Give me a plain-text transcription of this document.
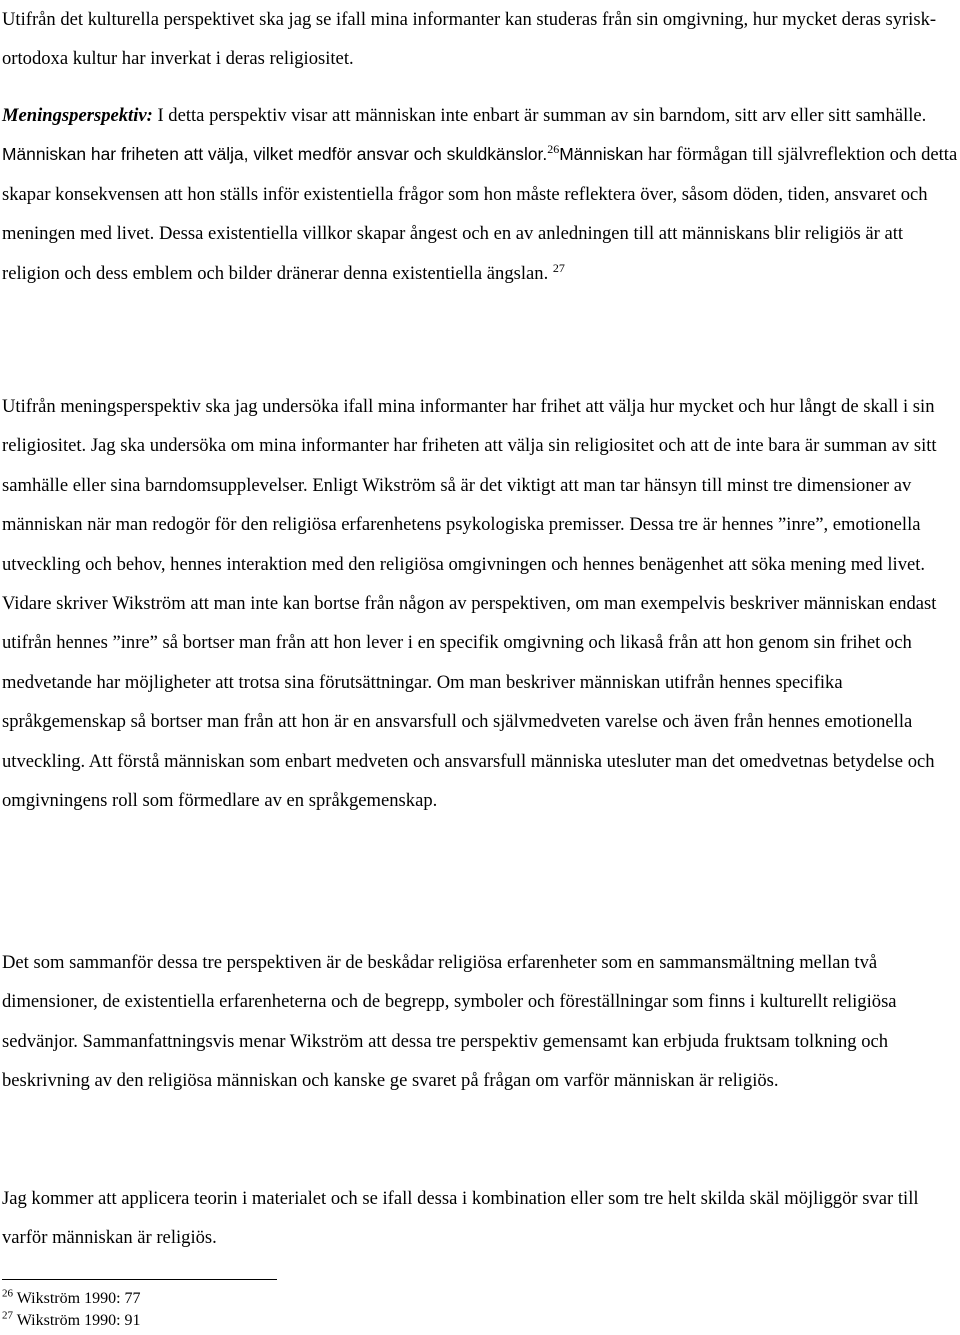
Utifrån det kulturella perspektivet ska jag se ifall mina informanter kan studeras från sin omgivning, hur mycket deras syrisk- ortodoxa kultur har inverkat i deras religiositet.

Meningsperspektiv: I detta perspektiv visar att människan inte enbart är summan av sin barndom, sitt arv eller sitt samhälle. Människan har friheten att välja, vilket medför ansvar och skuldkänslor.$^{26}$Människan har förmågan till självreflektion och detta skapar konsekvensen att hon ställs inför existentiella frågor som hon måste reflektera över, såsom döden, tiden, ansvaret och meningen med livet. Dessa existentiella villkor skapar ångest och en av anledningen till att människans blir religiös är att religion och dess emblem och bilder dränerar denna existentiella ängslan. $^{27}$

Utifrån meningsperspektiv ska jag undersöka ifall mina informanter har frihet att välja hur mycket och hur långt de skall i sin religiositet. Jag ska undersöka om mina informanter har friheten att välja sin religiositet och att de inte bara är summan av sitt samhälle eller sina barndomsupplevelser. Enligt Wikström så är det viktigt att man tar hänsyn till minst tre dimensioner av människan när man redogör för den religiösa erfarenhetens psykologiska premisser. Dessa tre är hennes ”inre”, emotionella utveckling och behov, hennes interaktion med den religiösa omgivningen och hennes benägenhet att söka mening med livet. Vidare skriver Wikström att man inte kan bortse från någon av perspektiven, om man exempelvis beskriver människan endast utifrån hennes ”inre” så bortser man från att hon lever i en specifik omgivning och likaså från att hon genom sin frihet och medvetande har möjligheter att trotsa sina förutsättningar. Om man beskriver människan utifrån hennes specifika språkgemenskap så bortser man från att hon är en ansvarsfull och självmedveten varelse och även från hennes emotionella utveckling. Att förstå människan som enbart medveten och ansvarsfull människa utesluter man det omedvetnas betydelse och omgivningens roll som förmedlare av en språkgemenskap.

Det som sammanför dessa tre perspektiven är de beskådar religiösa erfarenheter som en sammansmältning mellan två dimensioner, de existentiella erfarenheterna och de begrepp, symboler och föreställningar som finns i kulturellt religiösa sedvänjor. Sammanfattningsvis menar Wikström att dessa tre perspektiv gemensamt kan erbjuda fruktsam tolkning och beskrivning av den religiösa människan och kanske ge svaret på frågan om varför människan är religiös.

Jag kommer att applicera teorin i materialet och se ifall dessa i kombination eller som tre helt skilda skäl möjliggör svar till varför människan är religiös.

$^{26}$ Wikström 1990: 77
$^{27}$ Wikström 1990: 91
